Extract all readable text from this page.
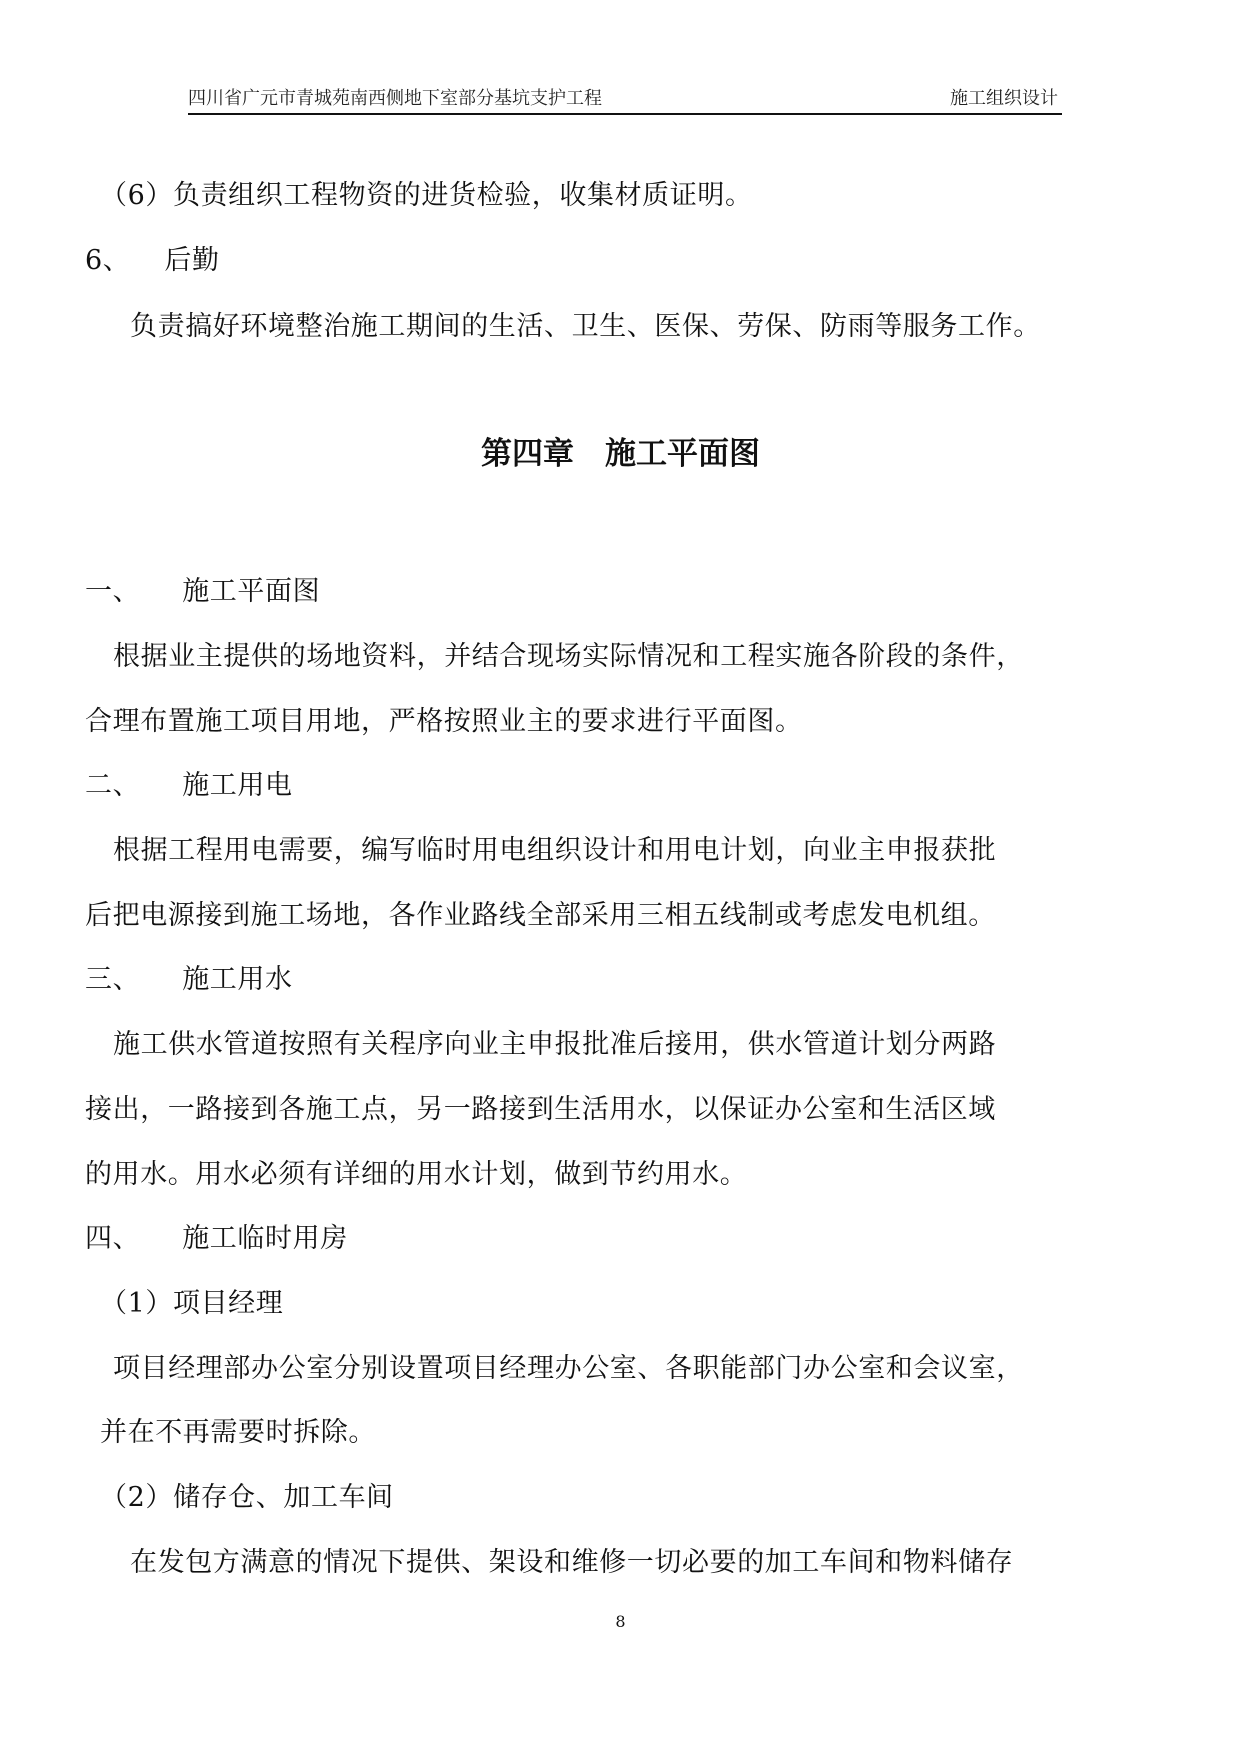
四川省广元市青城苑南西侧地下室部分基坑支护工程	施工组织设计
（6）负责组织工程物资的进货检验，收集材质证明。
6、 后勤
负责搞好环境整治施工期间的生活、卫生、医保、劳保、防雨等服务工作。
第四章　施工平面图
一、 施工平面图
根据业主提供的场地资料，并结合现场实际情况和工程实施各阶段的条件，
合理布置施工项目用地，严格按照业主的要求进行平面图。
二、 施工用电
根据工程用电需要，编写临时用电组织设计和用电计划，向业主申报获批
后把电源接到施工场地，各作业路线全部采用三相五线制或考虑发电机组。
三、 施工用水
施工供水管道按照有关程序向业主申报批准后接用，供水管道计划分两路
接出，一路接到各施工点，另一路接到生活用水，以保证办公室和生活区域
的用水。用水必须有详细的用水计划，做到节约用水。
四、 施工临时用房
（1）项目经理
项目经理部办公室分别设置项目经理办公室、各职能部门办公室和会议室，
并在不再需要时拆除。
（2）储存仓、加工车间
在发包方满意的情况下提供、架设和维修一切必要的加工车间和物料储存
8
